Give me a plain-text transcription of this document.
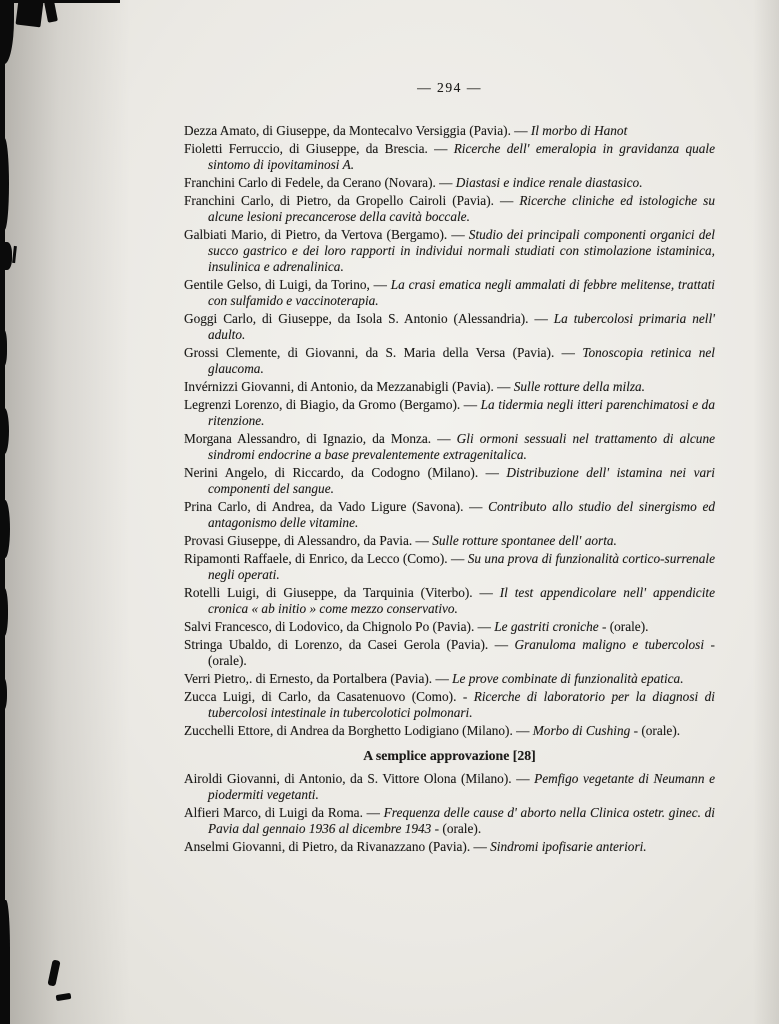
— 294 —

Dezza Amato, di Giuseppe, da Montecalvo Versiggia (Pavia). — Il morbo di Hanot

Fioletti Ferruccio, di Giuseppe, da Brescia. — Ricerche dell' emeralopia in gravidanza quale sintomo di ipovitaminosi A.

Franchini Carlo di Fedele, da Cerano (Novara). — Diastasi e indice renale diastasico.

Franchini Carlo, di Pietro, da Gropello Cairoli (Pavia). — Ricerche cliniche ed istologiche su alcune lesioni precancerose della cavità boccale.

Galbiati Mario, di Pietro, da Vertova (Bergamo). — Studio dei principali componenti organici del succo gastrico e dei loro rapporti in individui normali studiati con stimolazione istaminica, insulinica e adrenalinica.

Gentile Gelso, di Luigi, da Torino, — La crasi ematica negli ammalati di febbre melitense, trattati con sulfamido e vaccinoterapia.

Goggi Carlo, di Giuseppe, da Isola S. Antonio (Alessandria). — La tubercolosi primaria nell' adulto.

Grossi Clemente, di Giovanni, da S. Maria della Versa (Pavia). — Tonoscopia retinica nel glaucoma.

Invérnizzi Giovanni, di Antonio, da Mezzanabigli (Pavia). — Sulle rotture della milza.

Legrenzi Lorenzo, di Biagio, da Gromo (Bergamo). — La tidermia negli itteri parenchimatosi e da ritenzione.

Morgana Alessandro, di Ignazio, da Monza. — Gli ormoni sessuali nel trattamento di alcune sindromi endocrine a base prevalentemente extragenitalica.

Nerini Angelo, di Riccardo, da Codogno (Milano). — Distribuzione dell' istamina nei vari componenti del sangue.

Prina Carlo, di Andrea, da Vado Ligure (Savona). — Contributo allo studio del sinergismo ed antagonismo delle vitamine.

Provasi Giuseppe, di Alessandro, da Pavia. — Sulle rotture spontanee dell' aorta.

Ripamonti Raffaele, di Enrico, da Lecco (Como). — Su una prova di funzionalità cortico-surrenale negli operati.

Rotelli Luigi, di Giuseppe, da Tarquinia (Viterbo). — Il test appendicolare nell' appendicite cronica « ab initio » come mezzo conservativo.

Salvi Francesco, di Lodovico, da Chignolo Po (Pavia). — Le gastriti croniche - (orale).

Stringa Ubaldo, di Lorenzo, da Casei Gerola (Pavia). — Granuloma maligno e tubercolosi - (orale).

Verri Pietro,. di Ernesto, da Portalbera (Pavia). — Le prove combinate di funzionalità epatica.

Zucca Luigi, di Carlo, da Casatenuovo (Como). - Ricerche di laboratorio per la diagnosi di tubercolosi intestinale in tubercolotici polmonari.

Zucchelli Ettore, di Andrea da Borghetto Lodigiano (Milano). — Morbo di Cushing - (orale).

A semplice approvazione [28]

Airoldi Giovanni, di Antonio, da S. Vittore Olona (Milano). — Pemfigo vegetante di Neumann e piodermiti vegetanti.

Alfieri Marco, di Luigi da Roma. — Frequenza delle cause d' aborto nella Clinica ostetr. ginec. di Pavia dal gennaio 1936 al dicembre 1943 - (orale).

Anselmi Giovanni, di Pietro, da Rivanazzano (Pavia). — Sindromi ipofisarie anteriori.
